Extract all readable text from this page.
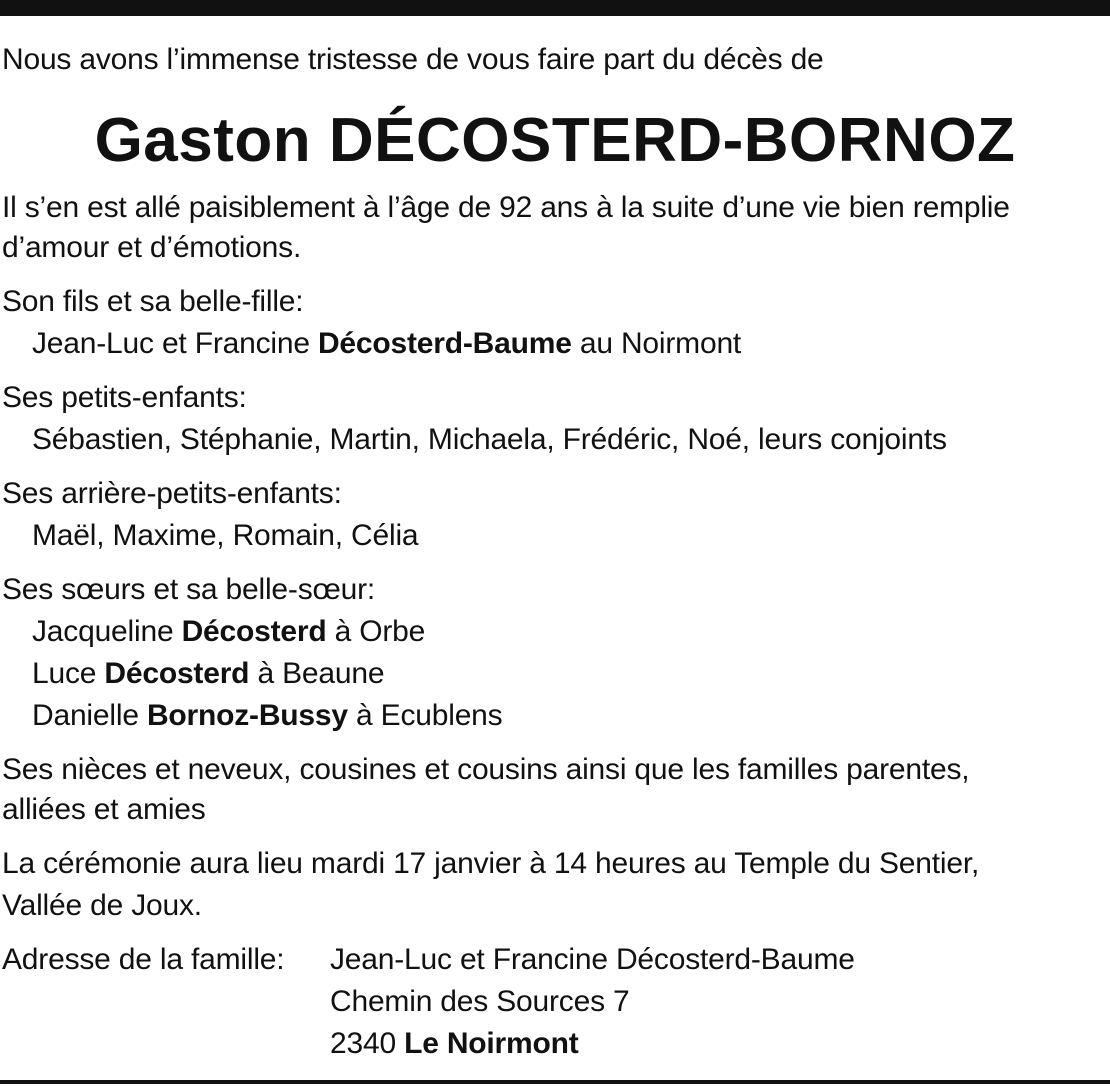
Nous avons l’immense tristesse de vous faire part du décès de
Gaston DÉCOSTERD-BORNOZ
Il s’en est allé paisiblement à l’âge de 92 ans à la suite d’une vie bien remplie
d’amour et d’émotions.
Son fils et sa belle-fille:
Jean-Luc et Francine Décosterd-Baume au Noirmont
Ses petits-enfants:
Sébastien, Stéphanie, Martin, Michaela, Frédéric, Noé, leurs conjoints
Ses arrière-petits-enfants:
Maël, Maxime, Romain, Célia
Ses sœurs et sa belle-sœur:
Jacqueline Décosterd à Orbe
Luce Décosterd à Beaune
Danielle Bornoz-Bussy à Ecublens
Ses nièces et neveux, cousines et cousins ainsi que les familles parentes,
alliées et amies
La cérémonie aura lieu mardi 17 janvier à 14 heures au Temple du Sentier,
Vallée de Joux.
Adresse de la famille: Jean-Luc et Francine Décosterd-Baume
Chemin des Sources 7
2340 Le Noirmont
